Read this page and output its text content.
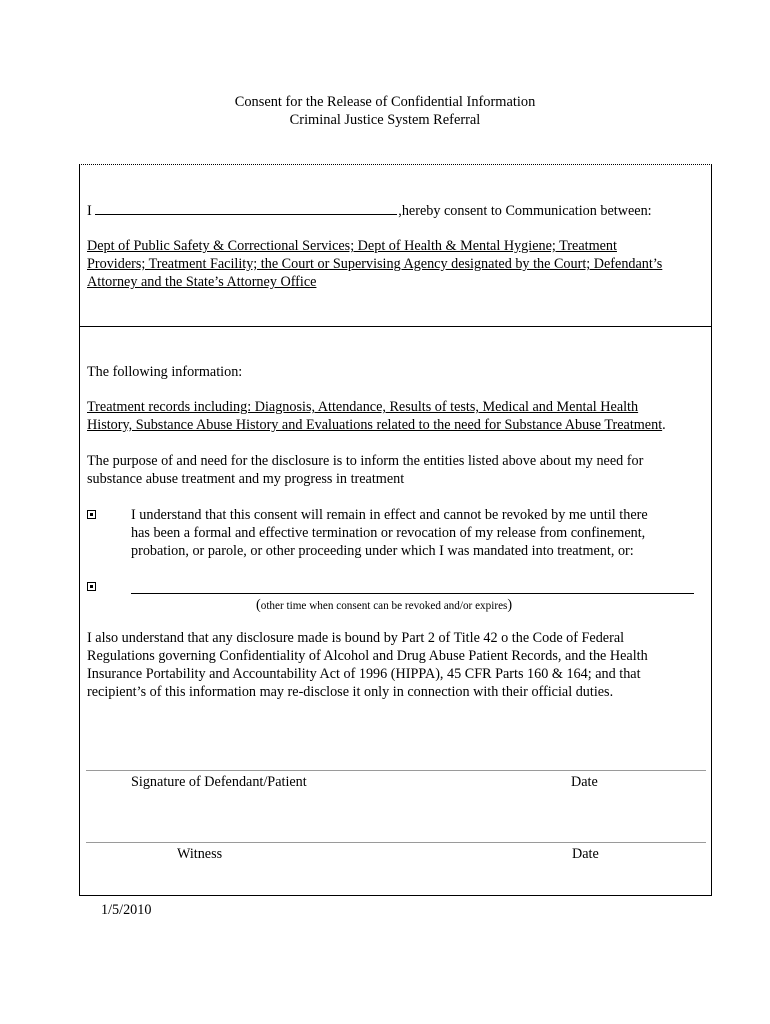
Consent for the Release of Confidential Information
Criminal Justice System Referral
I	,hereby consent to Communication between:
Dept of Public Safety & Correctional Services; Dept of Health & Mental Hygiene; Treatment
Providers; Treatment Facility; the Court or Supervising Agency designated by the Court; Defendant’s
Attorney and the State’s Attorney Office
The following information:
Treatment records including: Diagnosis, Attendance, Results of tests, Medical and Mental Health
History, Substance Abuse History and Evaluations related to the need for Substance Abuse Treatment.
The purpose of and need for the disclosure is to inform the entities listed above about my need for
substance abuse treatment and my progress in treatment
I understand that this consent will remain in effect and cannot be revoked by me until there
has been a formal and effective termination or revocation of my release from confinement,
probation, or parole, or other proceeding under which I was mandated into treatment, or:
(other time when consent can be revoked and/or expires)
I also understand that any disclosure made is bound by Part 2 of Title 42 o the Code of Federal
Regulations governing Confidentiality of Alcohol and Drug Abuse Patient Records, and the Health
Insurance Portability and Accountability Act of 1996 (HIPPA), 45 CFR Parts 160 & 164; and that
recipient’s of this information may re-disclose it only in connection with their official duties.
Signature of Defendant/Patient	Date
Witness	Date
1/5/2010
